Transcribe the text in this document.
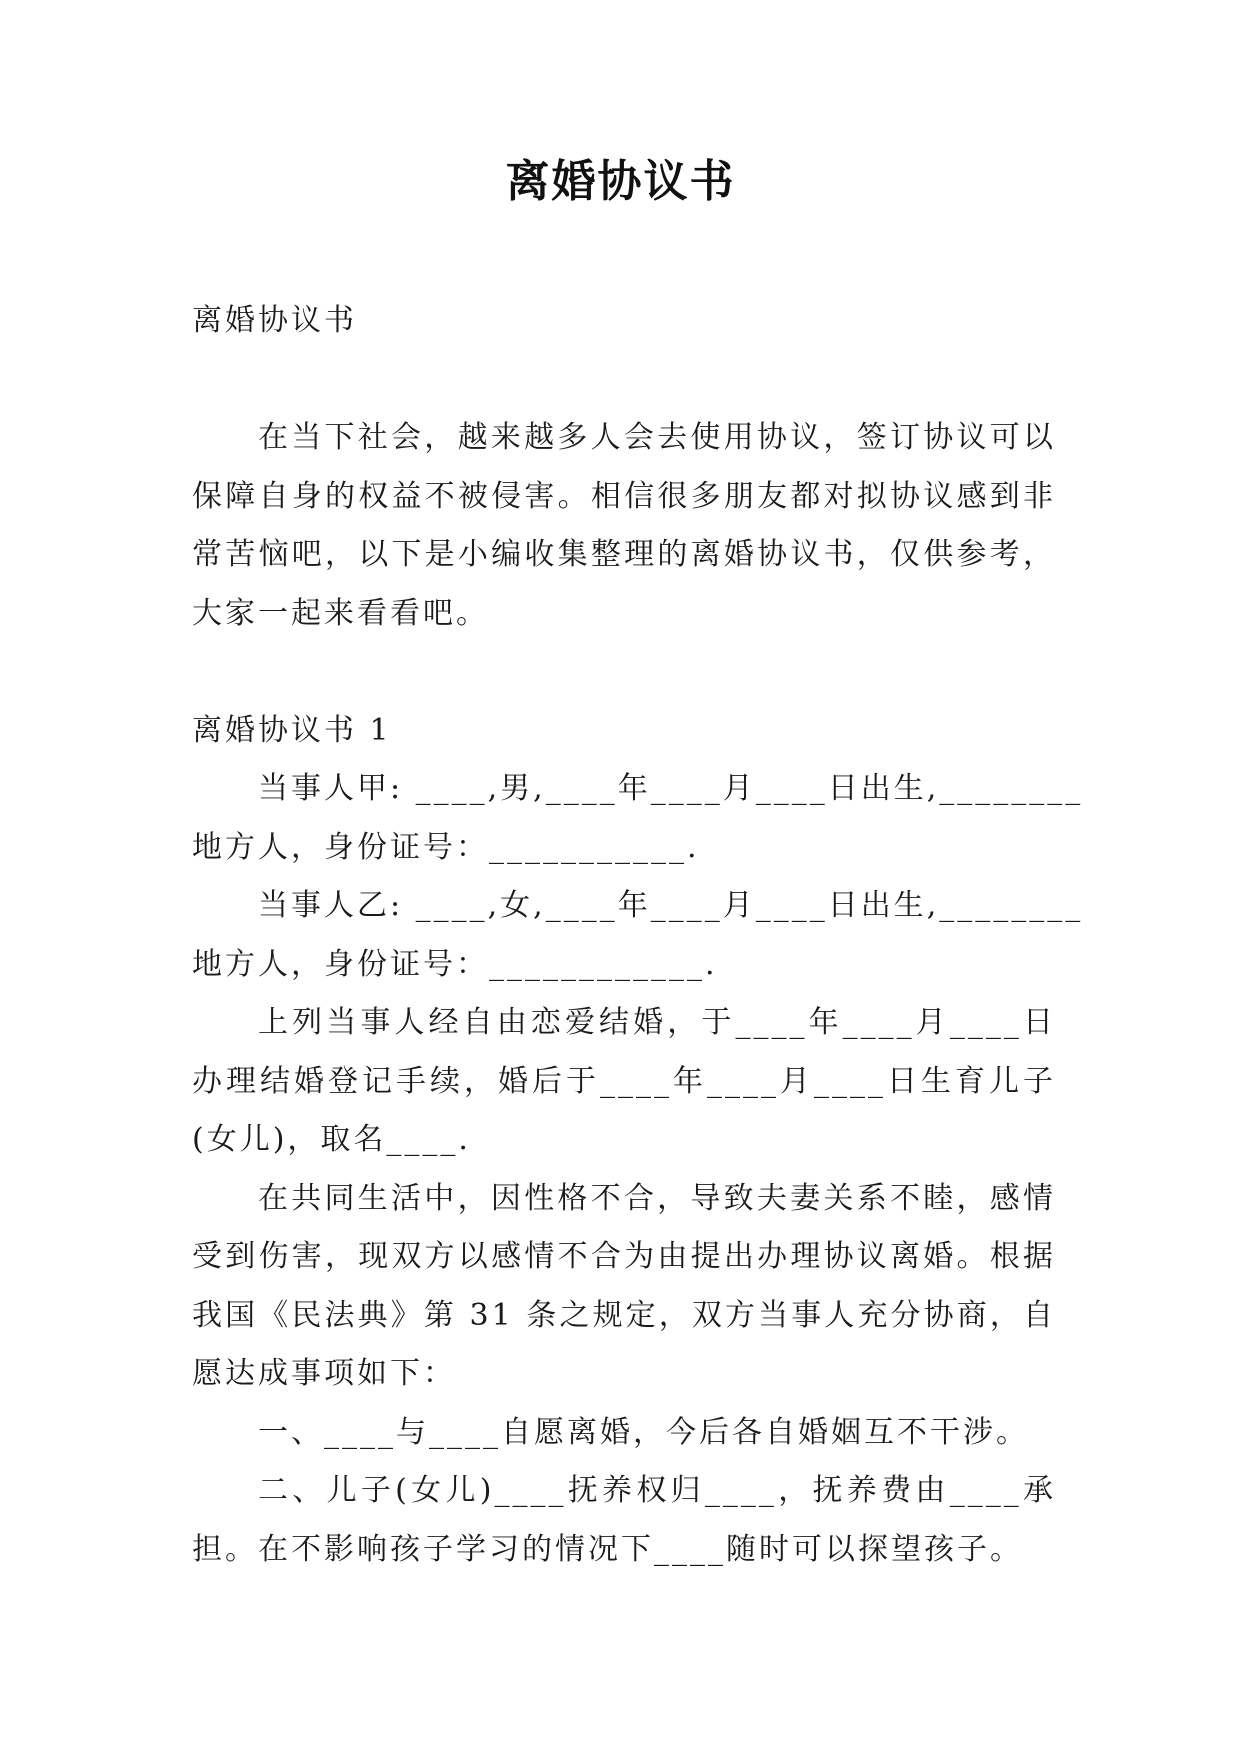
离婚协议书

离婚协议书

在当下社会，越来越多人会去使用协议，签订协议可以保障自身的权益不被侵害。相信很多朋友都对拟协议感到非常苦恼吧，以下是小编收集整理的离婚协议书，仅供参考，大家一起来看看吧。

离婚协议书 1

当事人甲: ____,男,____年____月____日出生,________

地方人，身份证号：___________.

当事人乙: ____,女,____年____月____日出生,________

地方人，身份证号：____________.

上列当事人经自由恋爱结婚，于____年____月____日办理结婚登记手续，婚后于____年____月____日生育儿子(女儿)，取名____.

在共同生活中，因性格不合，导致夫妻关系不睦，感情受到伤害，现双方以感情不合为由提出办理协议离婚。根据我国《民法典》第 31 条之规定，双方当事人充分协商，自愿达成事项如下：

一、____与____自愿离婚，今后各自婚姻互不干涉。

二、儿子(女儿)____抚养权归____，抚养费由____承担。在不影响孩子学习的情况下____随时可以探望孩子。
